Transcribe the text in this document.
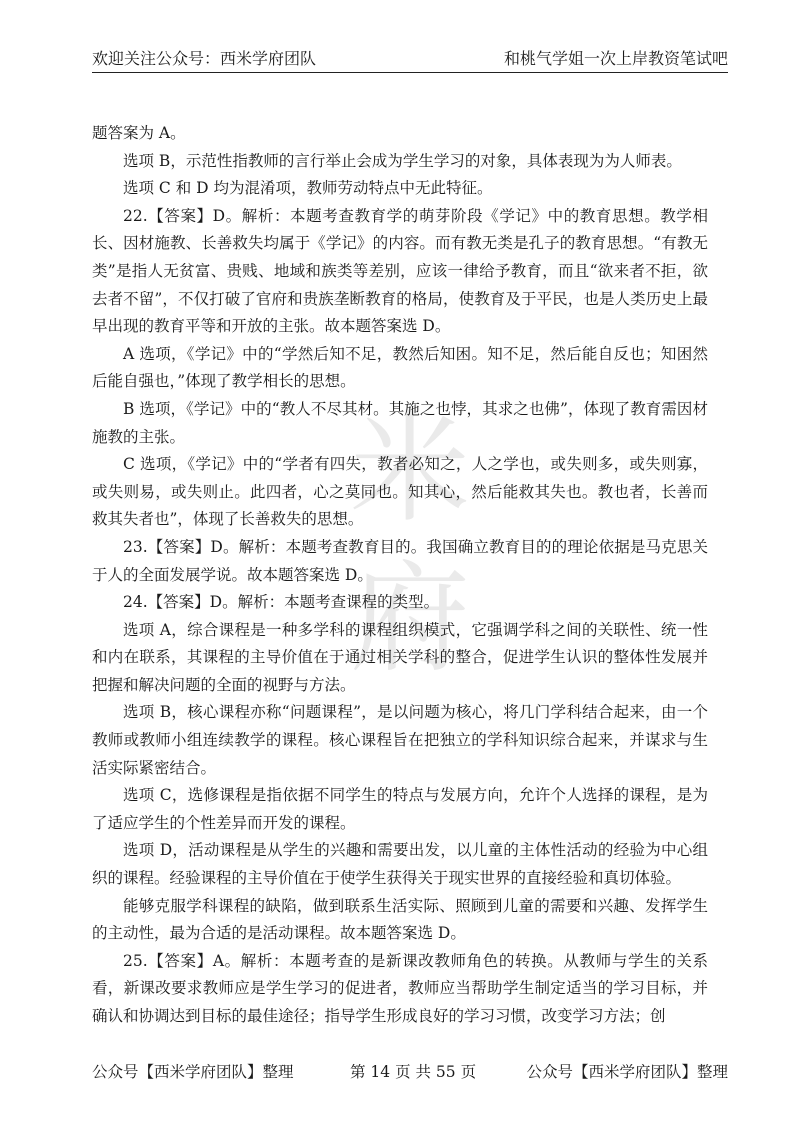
欢迎关注公众号：西米学府团队	和桃气学姐一次上岸教资笔试吧
米
府

题答案为 A。

选项 B，示范性指教师的言行举止会成为学生学习的对象，具体表现为为人师表。

选项 C 和 D 均为混淆项，教师劳动特点中无此特征。

22.【答案】D。解析：本题考查教育学的萌芽阶段《学记》中的教育思想。教学相长、因材施教、长善救失均属于《学记》的内容。而有教无类是孔子的教育思想。“有教无类”是指人无贫富、贵贱、地域和族类等差别，应该一律给予教育，而且“欲来者不拒，欲去者不留”，不仅打破了官府和贵族垄断教育的格局，使教育及于平民，也是人类历史上最早出现的教育平等和开放的主张。故本题答案选 D。

A 选项，《学记》中的“学然后知不足，教然后知困。知不足，然后能自反也；知困然后能自强也，”体现了教学相长的思想。

B 选项，《学记》中的“教人不尽其材。其施之也悖，其求之也佛”，体现了教育需因材施教的主张。

C 选项，《学记》中的“学者有四失，教者必知之，人之学也，或失则多，或失则寡，或失则易，或失则止。此四者，心之莫同也。知其心，然后能救其失也。教也者，长善而救其失者也”，体现了长善救失的思想。

23.【答案】D。解析：本题考查教育目的。我国确立教育目的的理论依据是马克思关于人的全面发展学说。故本题答案选 D。

24.【答案】D。解析：本题考查课程的类型。

选项 A，综合课程是一种多学科的课程组织模式，它强调学科之间的关联性、统一性和内在联系，其课程的主导价值在于通过相关学科的整合，促进学生认识的整体性发展并把握和解决问题的全面的视野与方法。

选项 B，核心课程亦称“问题课程”，是以问题为核心，将几门学科结合起来，由一个教师或教师小组连续教学的课程。核心课程旨在把独立的学科知识综合起来，并谋求与生活实际紧密结合。

选项 C，选修课程是指依据不同学生的特点与发展方向，允许个人选择的课程，是为了适应学生的个性差异而开发的课程。

选项 D，活动课程是从学生的兴趣和需要出发，以儿童的主体性活动的经验为中心组织的课程。经验课程的主导价值在于使学生获得关于现实世界的直接经验和真切体验。

能够克服学科课程的缺陷，做到联系生活实际、照顾到儿童的需要和兴趣、发挥学生的主动性，最为合适的是活动课程。故本题答案选 D。

25.【答案】A。解析：本题考查的是新课改教师角色的转换。从教师与学生的关系看，新课改要求教师应是学生学习的促进者，教师应当帮助学生制定适当的学习目标，并确认和协调达到目标的最佳途径；指导学生形成良好的学习习惯，改变学习方法；创

公众号【西米学府团队】整理	第 14 页 共 55 页	公众号【西米学府团队】整理
